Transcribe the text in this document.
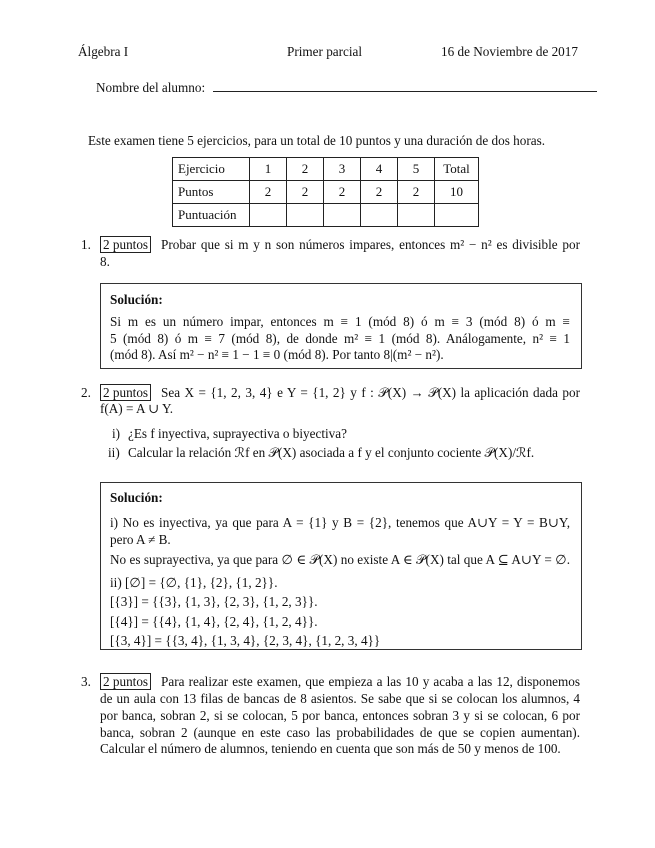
Álgebra I	Primer parcial	16 de Noviembre de 2017
Nombre del alumno:
Este examen tiene 5 ejercicios, para un total de 10 puntos y una duración de dos horas.
Ejercicio	1	2	3	4	5	Total
Puntos	2	2	2	2	2	10
Puntuación						
1. 2 puntos Probar que si m y n son números impares, entonces m² − n² es divisible por
8.
Solución:
Si m es un número impar, entonces m ≡ 1 (mód 8) ó m ≡ 3 (mód 8) ó m ≡
5 (mód 8) ó m ≡ 7 (mód 8), de donde m² ≡ 1 (mód 8). Análogamente, n² ≡ 1
(mód 8). Así m² − n² ≡ 1 − 1 ≡ 0 (mód 8). Por tanto 8|(m² − n²).
2. 2 puntos Sea X = {1, 2, 3, 4} e Y = {1, 2} y f : 𝒫(X) → 𝒫(X) la aplicación dada por
f(A) = A ∪ Y.
i) ¿Es f inyectiva, suprayectiva o biyectiva?
ii) Calcular la relación ℛf en 𝒫(X) asociada a f y el conjunto cociente 𝒫(X)/ℛf.
Solución:
i) No es inyectiva, ya que para A = {1} y B = {2}, tenemos que A∪Y = Y = B∪Y,
pero A ≠ B.
No es suprayectiva, ya que para ∅ ∈ 𝒫(X) no existe A ∈ 𝒫(X) tal que A ⊆ A∪Y = ∅.
ii) [∅] = {∅, {1}, {2}, {1, 2}}.
[{3}] = {{3}, {1, 3}, {2, 3}, {1, 2, 3}}.
[{4}] = {{4}, {1, 4}, {2, 4}, {1, 2, 4}}.
[{3, 4}] = {{3, 4}, {1, 3, 4}, {2, 3, 4}, {1, 2, 3, 4}}
3. 2 puntos Para realizar este examen, que empieza a las 10 y acaba a las 12, disponemos
de un aula con 13 filas de bancas de 8 asientos. Se sabe que si se colocan los alumnos, 4
por banca, sobran 2, si se colocan, 5 por banca, entonces sobran 3 y si se colocan, 6 por
banca, sobran 2 (aunque en este caso las probabilidades de que se copien aumentan).
Calcular el número de alumnos, teniendo en cuenta que son más de 50 y menos de 100.
